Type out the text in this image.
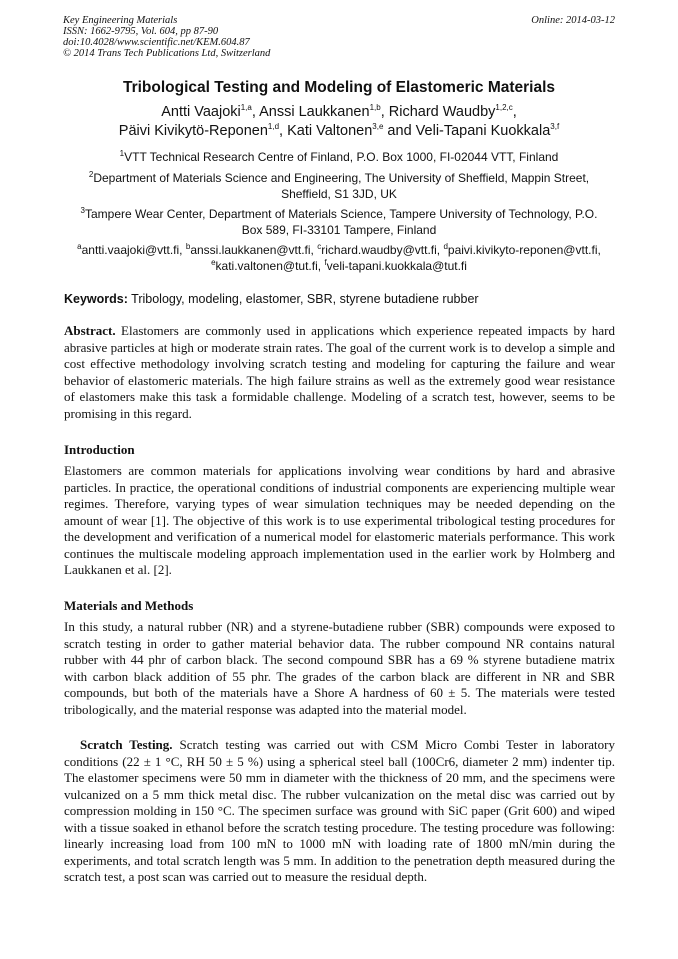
Key Engineering Materials
ISSN: 1662-9795, Vol. 604, pp 87-90
doi:10.4028/www.scientific.net/KEM.604.87
© 2014 Trans Tech Publications Ltd, Switzerland
Online: 2014-03-12
Tribological Testing and Modeling of Elastomeric Materials
Antti Vaajoki$^{1,a}$, Anssi Laukkanen$^{1,b}$, Richard Waudby$^{1,2,c}$,
Päivi Kivikytö-Reponen$^{1,d}$, Kati Valtonen$^{3,e}$ and Veli-Tapani Kuokkala$^{3,f}$
$^1$VTT Technical Research Centre of Finland, P.O. Box 1000, FI-02044 VTT, Finland
$^2$Department of Materials Science and Engineering, The University of Sheffield, Mappin Street, Sheffield, S1 3JD, UK
$^3$Tampere Wear Center, Department of Materials Science, Tampere University of Technology, P.O. Box 589, FI-33101 Tampere, Finland
$^a$antti.vaajoki@vtt.fi, $^b$anssi.laukkanen@vtt.fi, $^c$richard.waudby@vtt.fi, $^d$paivi.kivikyto-reponen@vtt.fi,
$^e$kati.valtonen@tut.fi, $^f$veli-tapani.kuokkala@tut.fi
Keywords: Tribology, modeling, elastomer, SBR, styrene butadiene rubber
Abstract. Elastomers are commonly used in applications which experience repeated impacts by hard abrasive particles at high or moderate strain rates. The goal of the current work is to develop a simple and cost effective methodology involving scratch testing and modeling for capturing the failure and wear behavior of elastomeric materials. The high failure strains as well as the extremely good wear resistance of elastomers make this task a formidable challenge. Modeling of a scratch test, however, seems to be promising in this regard.
Introduction
Elastomers are common materials for applications involving wear conditions by hard and abrasive particles. In practice, the operational conditions of industrial components are experiencing multiple wear regimes. Therefore, varying types of wear simulation techniques may be needed depending on the amount of wear [1]. The objective of this work is to use experimental tribological testing procedures for the development and verification of a numerical model for elastomeric materials performance. This work continues the multiscale modeling approach implementation used in the earlier work by Holmberg and Laukkanen et al. [2].
Materials and Methods
In this study, a natural rubber (NR) and a styrene-butadiene rubber (SBR) compounds were exposed to scratch testing in order to gather material behavior data. The rubber compound NR contains natural rubber with 44 phr of carbon black. The second compound SBR has a 69 % styrene butadiene matrix with carbon black addition of 55 phr. The grades of the carbon black are different in NR and SBR compounds, but both of the materials have a Shore A hardness of 60 ± 5. The materials were tested tribologically, and the material response was adapted into the material model.
Scratch Testing. Scratch testing was carried out with CSM Micro Combi Tester in laboratory conditions (22 ± 1 °C, RH 50 ± 5 %) using a spherical steel ball (100Cr6, diameter 2 mm) indenter tip. The elastomer specimens were 50 mm in diameter with the thickness of 20 mm, and the specimens were vulcanized on a 5 mm thick metal disc. The rubber vulcanization on the metal disc was carried out by compression molding in 150 °C. The specimen surface was ground with SiC paper (Grit 600) and wiped with a tissue soaked in ethanol before the scratch testing procedure. The testing procedure was following: linearly increasing load from 100 mN to 1000 mN with loading rate of 1800 mN/min during the experiments, and total scratch length was 5 mm. In addition to the penetration depth measured during the scratch test, a post scan was carried out to measure the residual depth.
